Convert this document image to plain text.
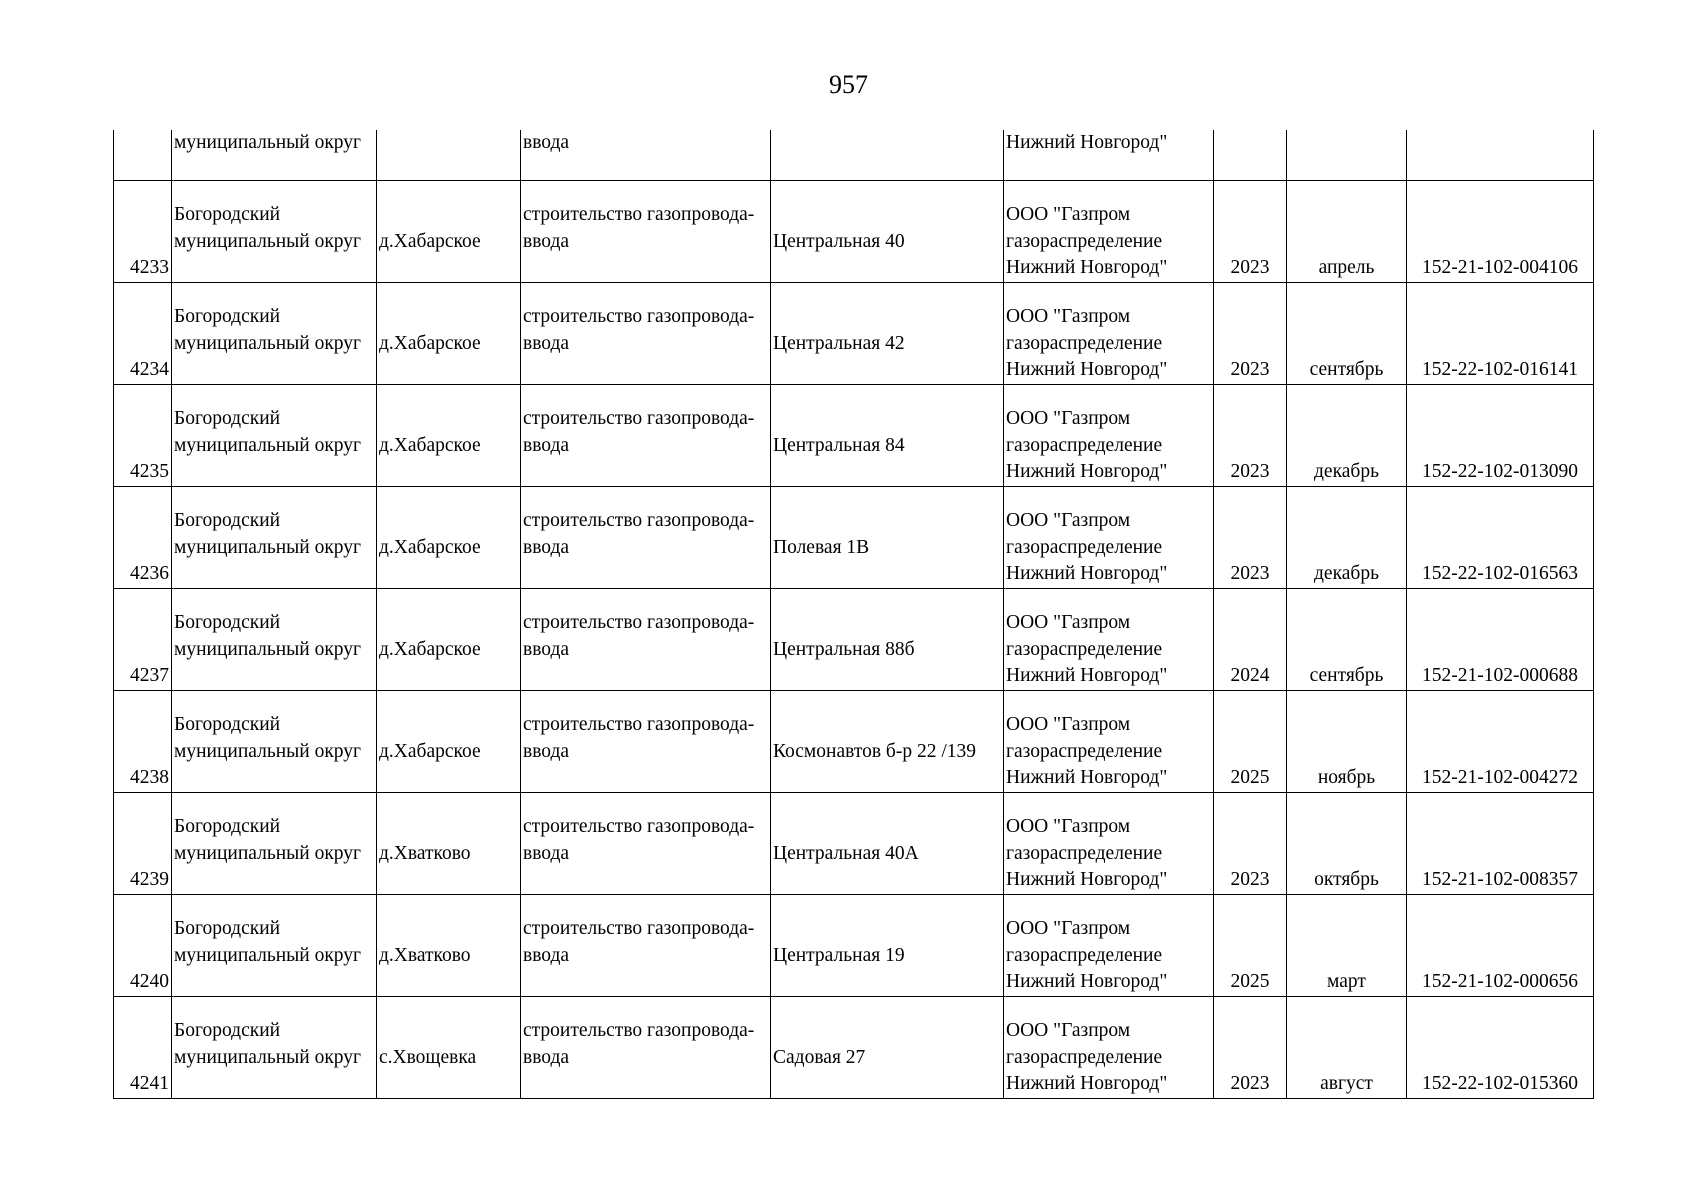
957
	муниципальный округ		ввода		Нижний Новгород"			
4233	Богородский
муниципальный округ	д.Хабарское	строительство газопровода-
ввода	Центральная 40	ООО "Газпром
газораспределение
Нижний Новгород"	2023	апрель	152-21-102-004106
4234	Богородский
муниципальный округ	д.Хабарское	строительство газопровода-
ввода	Центральная 42	ООО "Газпром
газораспределение
Нижний Новгород"	2023	сентябрь	152-22-102-016141
4235	Богородский
муниципальный округ	д.Хабарское	строительство газопровода-
ввода	Центральная 84	ООО "Газпром
газораспределение
Нижний Новгород"	2023	декабрь	152-22-102-013090
4236	Богородский
муниципальный округ	д.Хабарское	строительство газопровода-
ввода	Полевая 1В	ООО "Газпром
газораспределение
Нижний Новгород"	2023	декабрь	152-22-102-016563
4237	Богородский
муниципальный округ	д.Хабарское	строительство газопровода-
ввода	Центральная 88б	ООО "Газпром
газораспределение
Нижний Новгород"	2024	сентябрь	152-21-102-000688
4238	Богородский
муниципальный округ	д.Хабарское	строительство газопровода-
ввода	Космонавтов б-р 22 /139	ООО "Газпром
газораспределение
Нижний Новгород"	2025	ноябрь	152-21-102-004272
4239	Богородский
муниципальный округ	д.Хватково	строительство газопровода-
ввода	Центральная 40А	ООО "Газпром
газораспределение
Нижний Новгород"	2023	октябрь	152-21-102-008357
4240	Богородский
муниципальный округ	д.Хватково	строительство газопровода-
ввода	Центральная 19	ООО "Газпром
газораспределение
Нижний Новгород"	2025	март	152-21-102-000656
4241	Богородский
муниципальный округ	с.Хвощевка	строительство газопровода-
ввода	Садовая 27	ООО "Газпром
газораспределение
Нижний Новгород"	2023	август	152-22-102-015360
